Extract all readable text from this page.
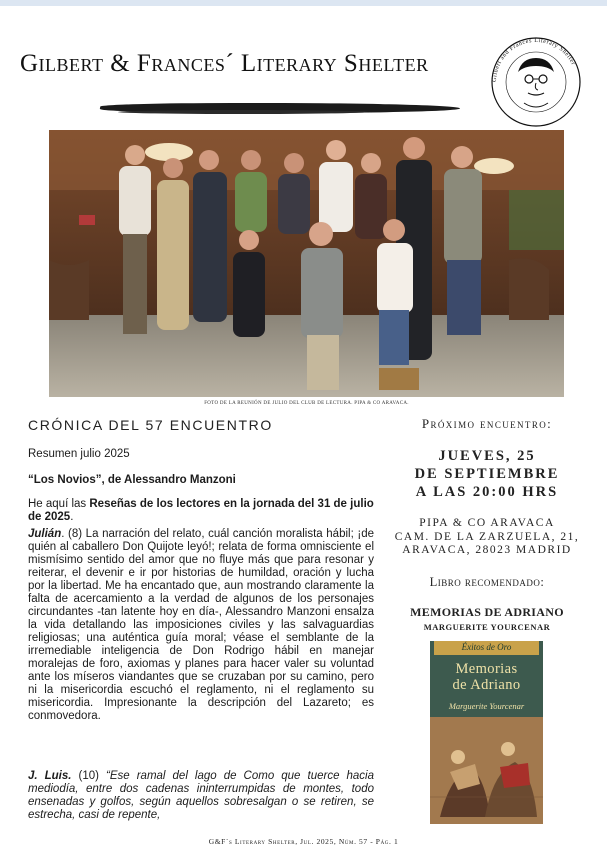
Gilbert & Frances´ Literary Shelter
Gilbert and Frances Literary Shelter
FOTO DE LA REUNIÓN DE JULIO DEL CLUB DE LECTURA. PIPA & CO ARAVACA.
CRÓNICA DEL 57 ENCUENTRO
Resumen julio 2025
“Los Novios”, de Alessandro Manzoni
He aquí las Reseñas de los lectores en la jornada del 31 de julio de 2025.
Julián. (8) La narración del relato, cuál canción moralista hábil; ¡de quién al caballero Don Quijote leyó!; relata de forma omnisciente el mismísimo sentido del amor que no fluye más que para resonar y reiterar, el devenir e ir por historias de humildad, oración y lucha por la libertad. Me ha encantado que, aun mostrando claramente la falta de acercamiento a la verdad de algunos de los personajes circundantes -tan latente hoy en día-, Alessandro Manzoni ensalza la vida detallando las imposiciones civiles y las salvaguardias religiosas; una auténtica guía moral; véase el semblante de la irremediable inteligencia de Don Rodrigo hábil en manejar moralejas de foro, axiomas y planes para hacer valer su voluntad ante los míseros viandantes que se cruzaban por su camino, pero ni la misericordia escuchó el reglamento, ni el reglamento su misericordia. Impresionante la descripción del Lazareto; es conmovedora.
J. Luis. (10) “Ese ramal del lago de Como que tuerce hacia mediodía, entre dos cadenas ininterrumpidas de montes, todo ensenadas y golfos, según aquellos sobresalgan o se retiren, se estrecha, casi de repente,
Próximo encuentro:
JUEVES, 25
DE SEPTIEMBRE
A LAS 20:00 HRS
PIPA & CO ARAVACA
CAM. DE LA ZARZUELA, 21,
ARAVACA, 28023 MADRID
Libro recomendado:
MEMORIAS DE ADRIANO
MARGUERITE YOURCENAR
Éxitos de Oro
Memorias
de Adriano
Marguerite Yourcenar
G&F´s Literary Shelter, Jul. 2025, Núm. 57 - Pág. 1
